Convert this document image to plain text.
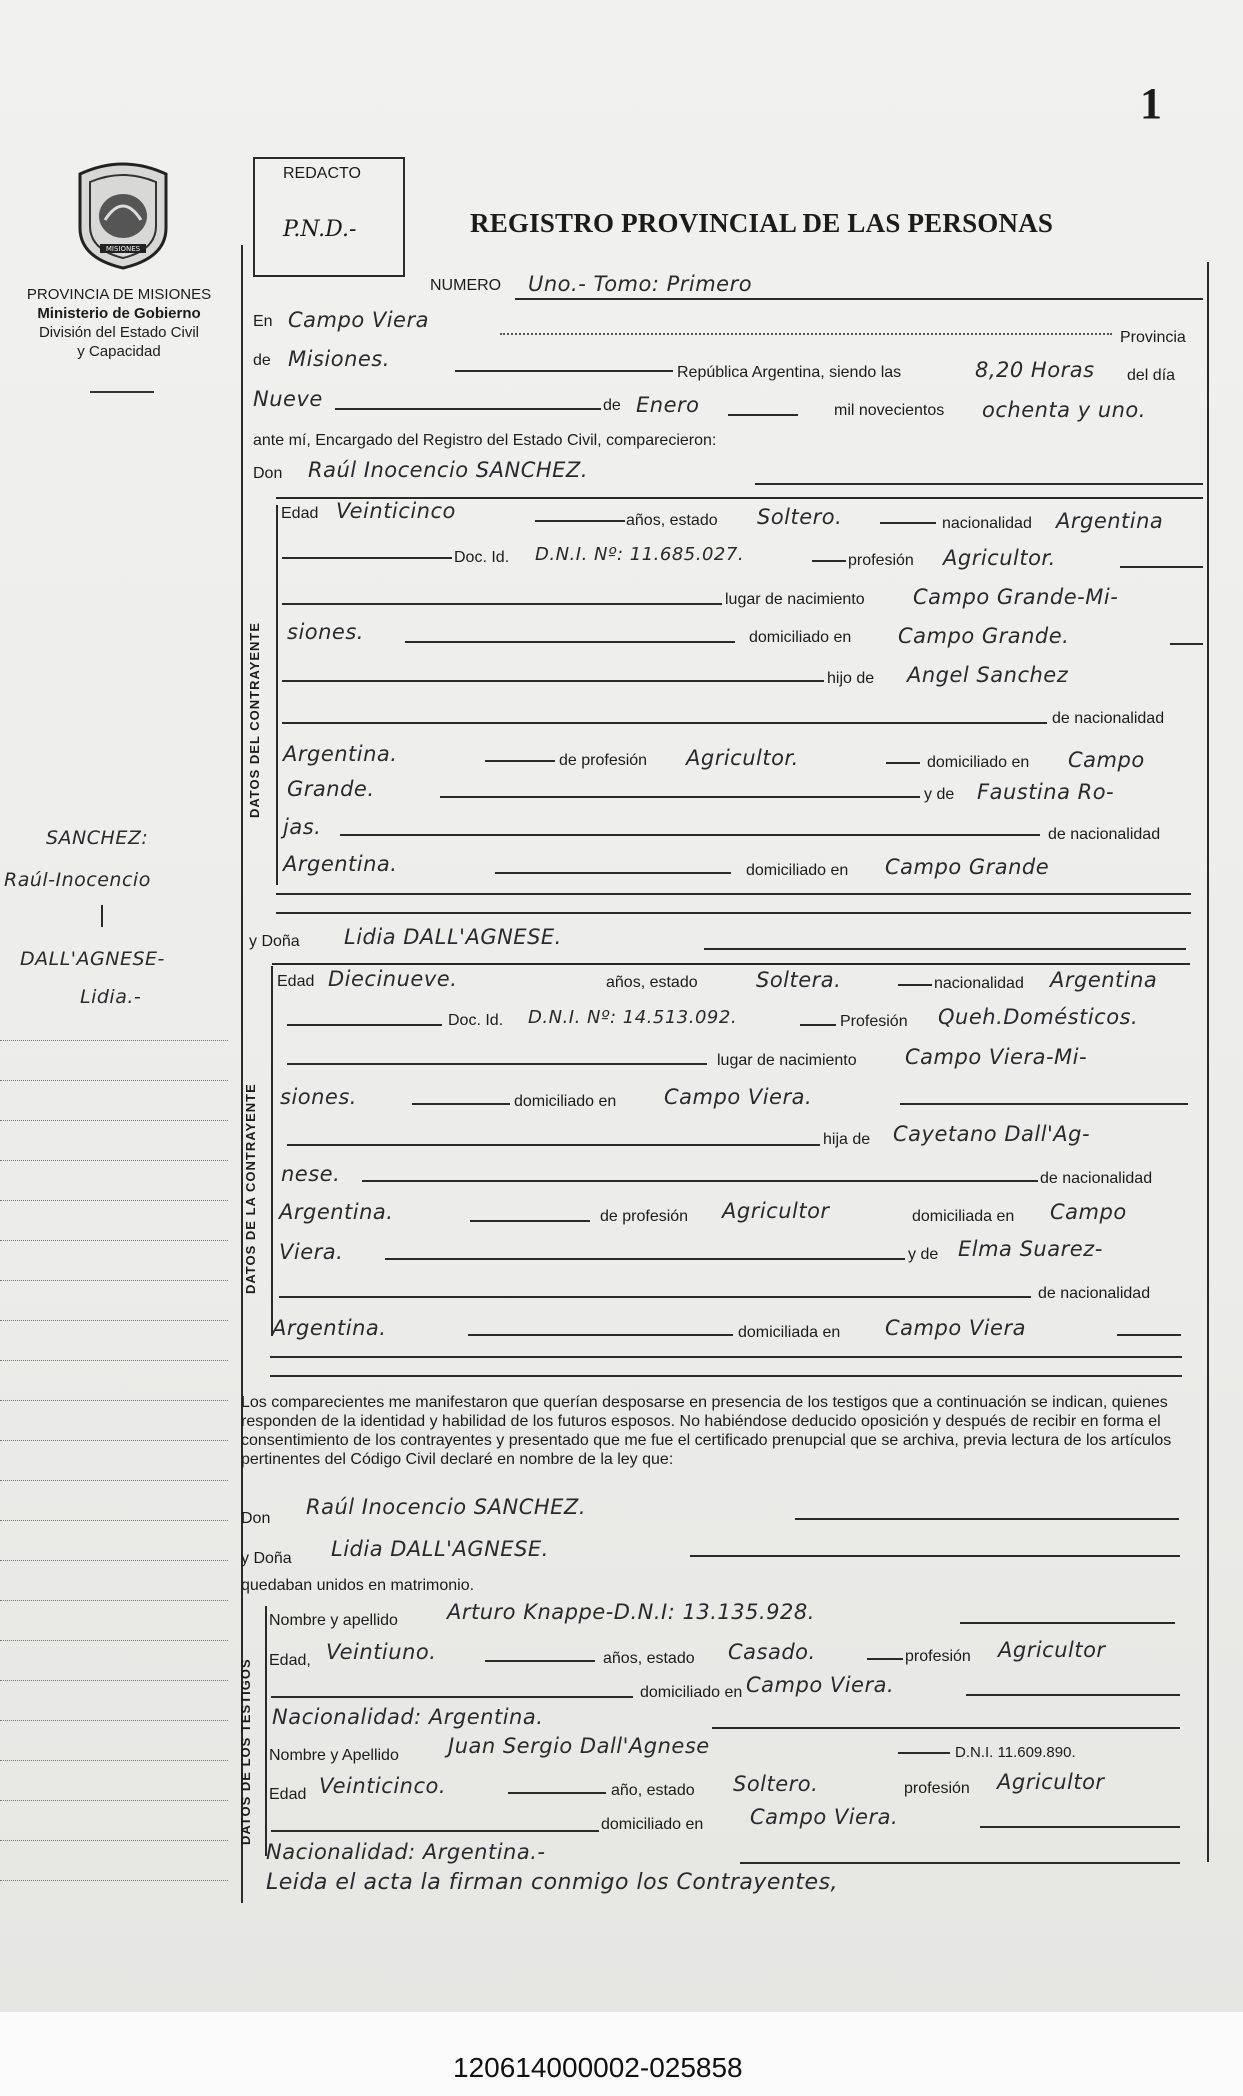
1
MISIONES
PROVINCIA DE MISIONES
Ministerio de Gobierno
División del Estado Civil
y Capacidad
REDACTO
P.N.D.-	REGISTRO PROVINCIAL DE LAS PERSONAS
NUMERO Uno.- Tomo: Primero
En Campo Viera
Provincia
de Misiones.
República Argentina, siendo las	8,20 Horas del día
Nueve	de Enero	mil novecientos ochenta y uno.
ante mí, Encargado del Registro del Estado Civil, comparecieron:
Don Raúl Inocencio SANCHEZ.
DATOS DEL CONTRAYENTE
Edad Veinticinco	años, estado Soltero.	nacionalidad Argentina
Doc. Id. D.N.I. Nº: 11.685.027.	profesión Agricultor.
lugar de nacimiento Campo Grande-Mi-
siones.	domiciliado en Campo Grande.
hijo de Angel Sanchez
de nacionalidad
Argentina.	de profesión Agricultor.	domiciliado en Campo
Grande.	y de Faustina Ro-
jas.	de nacionalidad
Argentina.	domiciliado en Campo Grande
SANCHEZ:
Raúl-Inocencio
DALL'AGNESE-
Lidia.-
y Doña Lidia DALL'AGNESE.
DATOS DE LA CONTRAYENTE
Edad Diecinueve.	años, estado	Soltera.	nacionalidad Argentina
Doc. Id. D.N.I. Nº: 14.513.092.	Profesión Queh.Domésticos.
lugar de nacimiento Campo Viera-Mi-
siones.	domiciliado en Campo Viera.
hija de Cayetano Dall'Ag-
nese.	de nacionalidad
Argentina.	de profesión Agricultor	domiciliada en Campo
Viera.	y de Elma Suarez-
de nacionalidad
Argentina.	domiciliada en Campo Viera
Los comparecientes me manifestaron que querían desposarse en presencia de los testigos que a continuación se indican, quienes responden de la identidad y habilidad de los futuros esposos. No habiéndose deducido oposición y después de recibir en forma el consentimiento de los contrayentes y presentado que me fue el certificado prenupcial que se archiva, previa lectura de los artículos pertinentes del Código Civil declaré en nombre de la ley que:
Don Raúl Inocencio SANCHEZ.
y Doña Lidia DALL'AGNESE.
quedaban unidos en matrimonio.
DATOS DE LOS TESTIGOS
Nombre y apellido Arturo Knappe-D.N.I: 13.135.928.
Edad, Veintiuno.	años, estado Casado.	profesión Agricultor
domiciliado en Campo Viera.
Nacionalidad: Argentina.
Nombre y Apellido Juan Sergio Dall'Agnese	D.N.I. 11.609.890.
Edad Veinticinco.	año, estado Soltero.	profesión Agricultor
domiciliado en Campo Viera.
Nacionalidad: Argentina.-
Leida el acta la firman conmigo los Contrayentes,
120614000002-025858
